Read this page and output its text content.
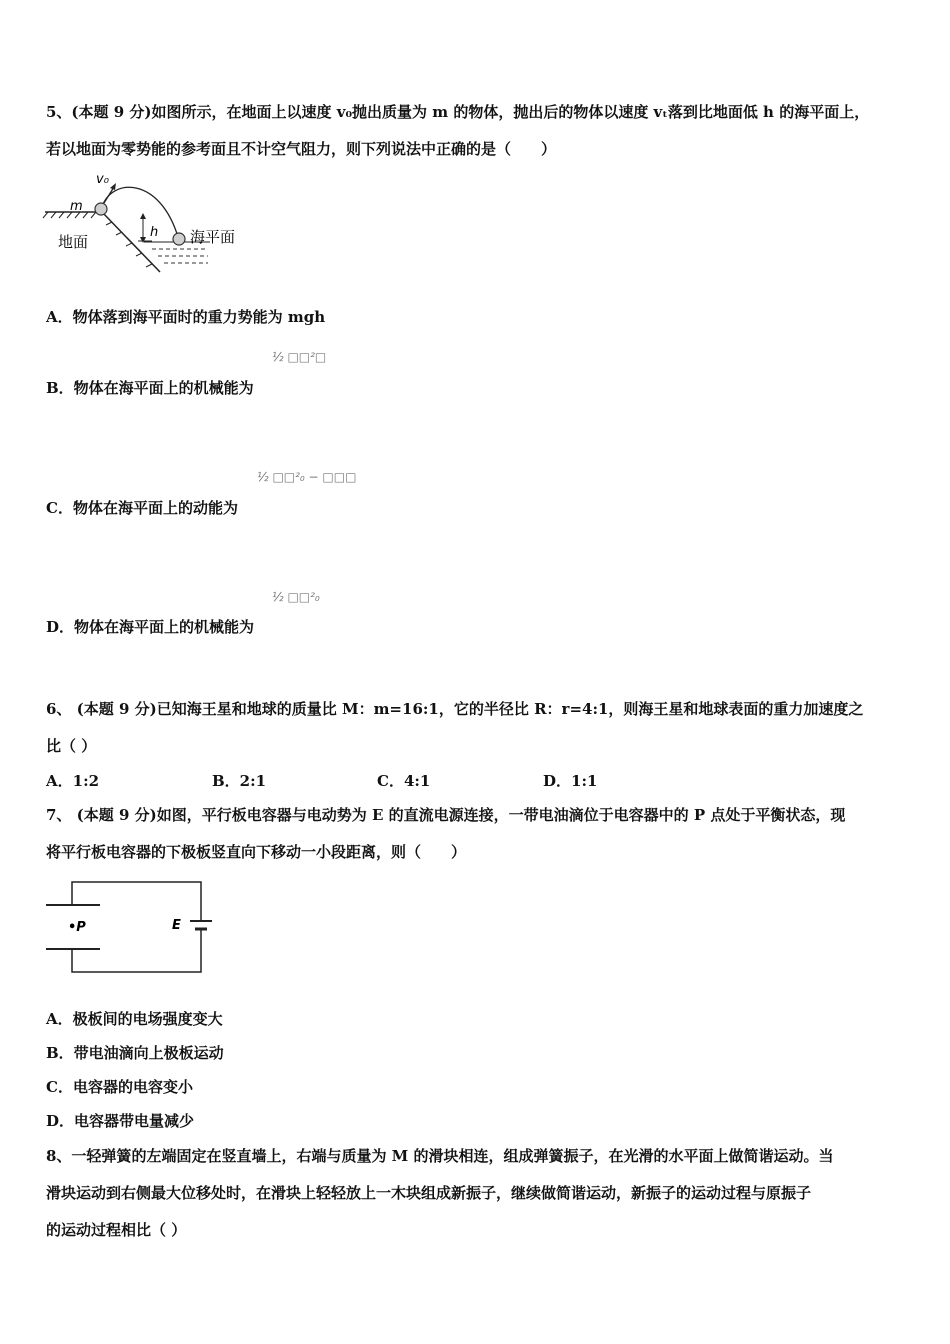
5、(本题 9 分)如图所示，在地面上以速度 v₀抛出质量为 m 的物体，抛出后的物体以速度 vₜ落到比地面低 h 的海平面上，
若以地面为零势能的参考面且不计空气阻力，则下列说法中正确的是（　　）
m
v₀
h
地面	海平面
A．物体落到海平面时的重力势能为 mgh
½ □□²□
B．物体在海平面上的机械能为
½ □□²₀ − □□□
C．物体在海平面上的动能为
½ □□²₀
D．物体在海平面上的机械能为
6、 (本题 9 分)已知海王星和地球的质量比 M：m=16:1，它的半径比 R：r=4:1，则海王星和地球表面的重力加速度之
比（ ）
A．1:2	B．2:1	C．4:1	D．1:1
7、 (本题 9 分)如图，平行板电容器与电动势为 E 的直流电源连接，一带电油滴位于电容器中的 P 点处于平衡状态，现
将平行板电容器的下极板竖直向下移动一小段距离，则（　　）
•P	E
A．极板间的电场强度变大
B．带电油滴向上极板运动
C．电容器的电容变小
D．电容器带电量减少
8、一轻弹簧的左端固定在竖直墙上，右端与质量为 M 的滑块相连，组成弹簧振子，在光滑的水平面上做简谐运动。当
滑块运动到右侧最大位移处时，在滑块上轻轻放上一木块组成新振子，继续做简谐运动，新振子的运动过程与原振子
的运动过程相比（ ）
